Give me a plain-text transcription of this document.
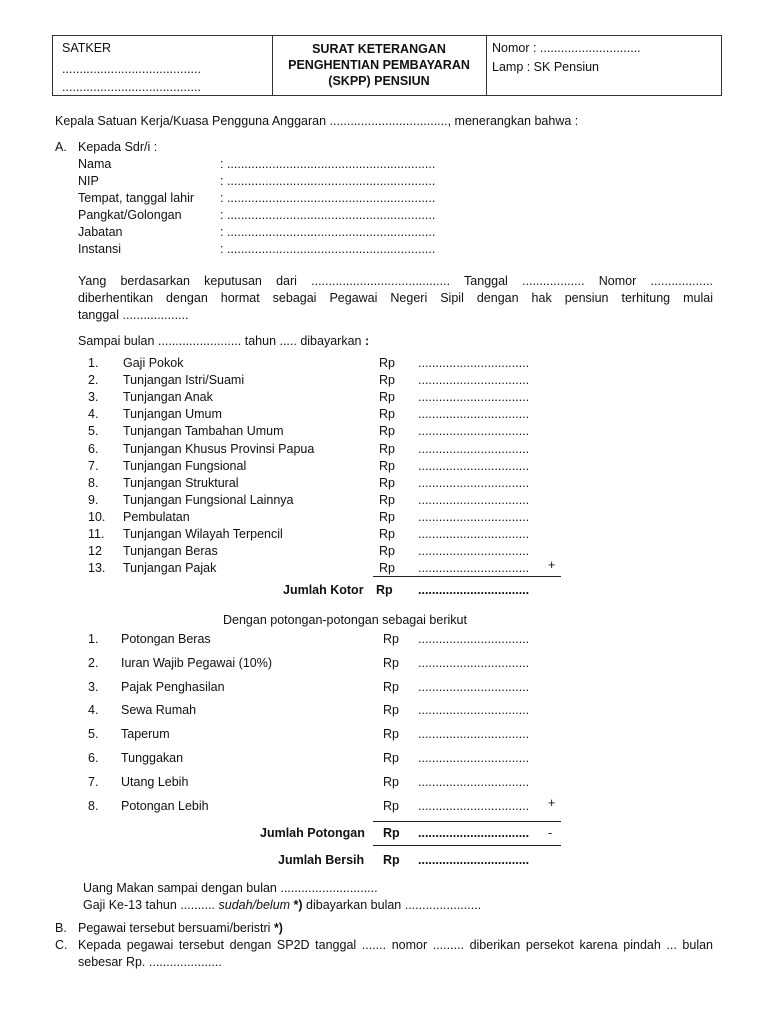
SATKER
........................................
........................................
SURAT KETERANGAN
PENGHENTIAN PEMBAYARAN
(SKPP) PENSIUN
Nomor : .............................
Lamp : SK Pensiun
Kepala Satuan Kerja/Kuasa Pengguna Anggaran .................................., menerangkan bahwa :
A. Kepada Sdr/i :
Nama	: ............................................................
NIP	: ............................................................
Tempat, tanggal lahir : ............................................................
Pangkat/Golongan	: ............................................................
Jabatan	: ............................................................
Instansi	: ............................................................
Yang berdasarkan keputusan dari ........................................ Tanggal .................. Nomor ..................
diberhentikan dengan hormat sebagai Pegawai Negeri Sipil dengan hak pensiun terhitung mulai
tanggal ...................
Sampai bulan ........................ tahun ..... dibayarkan :
1. Gaji Pokok	Rp ................................
2. Tunjangan Istri/Suami	Rp ................................
3. Tunjangan Anak	Rp ................................
4. Tunjangan Umum	Rp ................................
5. Tunjangan Tambahan Umum	Rp ................................
6. Tunjangan Khusus Provinsi Papua	Rp ................................
7. Tunjangan Fungsional	Rp ................................
8. Tunjangan Struktural	Rp ................................
9. Tunjangan Fungsional Lainnya	Rp ................................
10. Pembulatan	Rp ................................
11. Tunjangan Wilayah Terpencil	Rp ................................
12 Tunjangan Beras	Rp ................................
13. Tunjangan Pajak	Rp ................................ +
Jumlah Kotor Rp ................................
Dengan potongan-potongan sebagai berikut
1. Potongan Beras	Rp ................................
2. Iuran Wajib Pegawai (10%)	Rp ................................
3. Pajak Penghasilan	Rp ................................
4. Sewa Rumah	Rp ................................
5. Taperum	Rp ................................
6. Tunggakan	Rp ................................
7. Utang Lebih	Rp ................................
8. Potongan Lebih	Rp ................................ +
Jumlah Potongan Rp ................................ -
Jumlah Bersih Rp ................................
Uang Makan sampai dengan bulan ............................
Gaji Ke-13 tahun .......... sudah/belum *) dibayarkan bulan ......................
B. Pegawai tersebut bersuami/beristri *)
C. Kepada pegawai tersebut dengan SP2D tanggal ....... nomor ......... diberikan persekot karena pindah ... bulan
sebesar Rp. .....................
